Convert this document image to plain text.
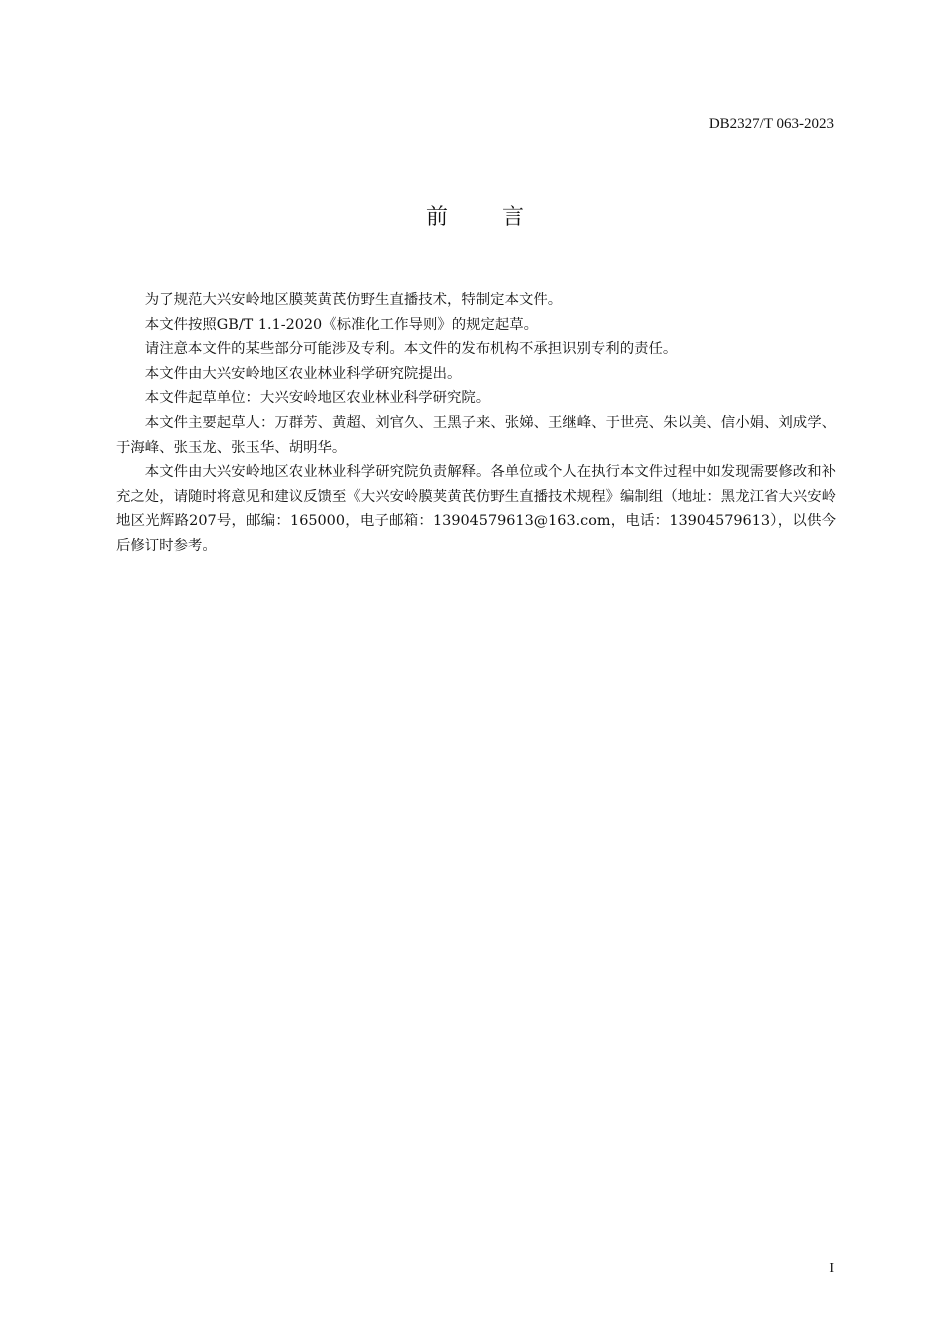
DB2327/T 063-2023
前言

为了规范大兴安岭地区膜荚黄芪仿野生直播技术，特制定本文件。

本文件按照GB/T 1.1-2020《标准化工作导则》的规定起草。

请注意本文件的某些部分可能涉及专利。本文件的发布机构不承担识别专利的责任。

本文件由大兴安岭地区农业林业科学研究院提出。

本文件起草单位：大兴安岭地区农业林业科学研究院。

本文件主要起草人：万群芳、黄超、刘官久、王黑子来、张娣、王继峰、于世亮、朱以美、信小娟、刘成学、于海峰、张玉龙、张玉华、胡明华。

本文件由大兴安岭地区农业林业科学研究院负责解释。各单位或个人在执行本文件过程中如发现需要修改和补充之处，请随时将意见和建议反馈至《大兴安岭膜荚黄芪仿野生直播技术规程》编制组（地址：黑龙江省大兴安岭地区光辉路207号，邮编：165000，电子邮箱：13904579613@163.com，电话：13904579613），以供今后修订时参考。

I
